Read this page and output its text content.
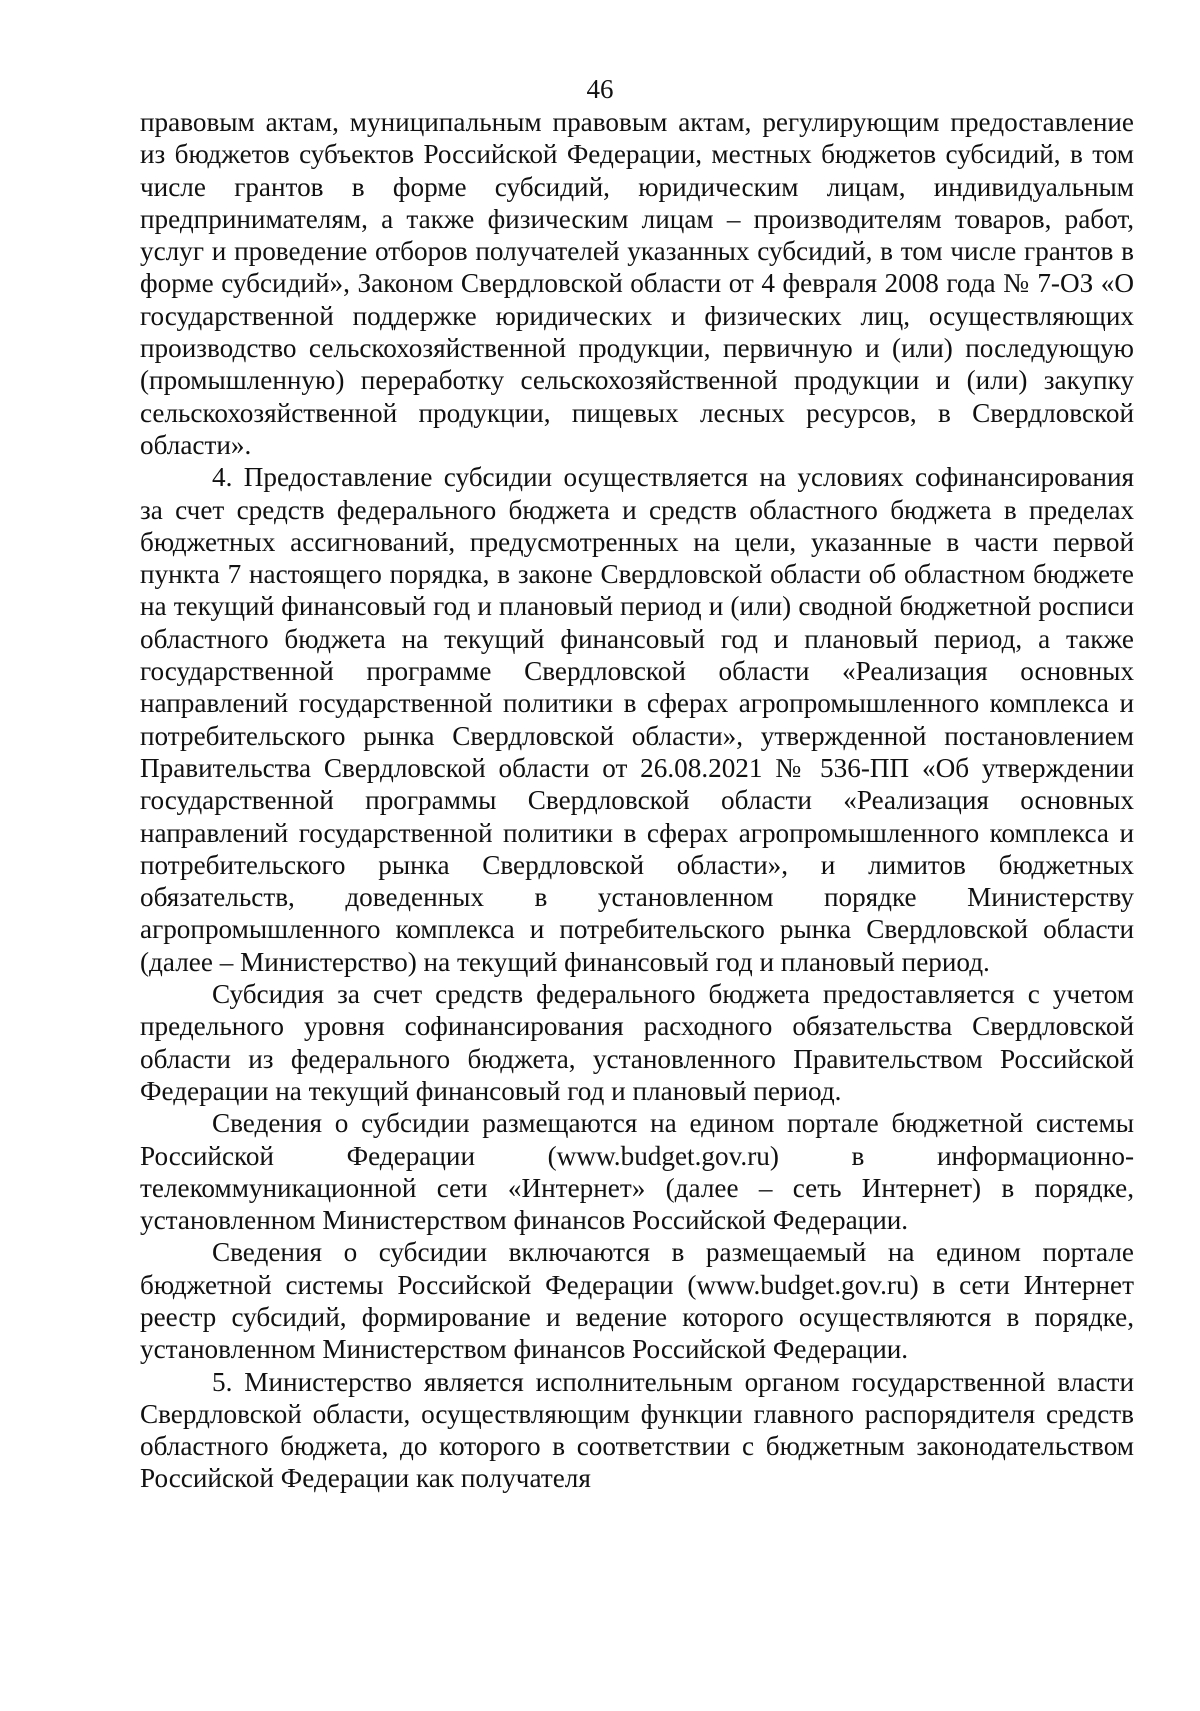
46

правовым актам, муниципальным правовым актам, регулирующим предоставление из бюджетов субъектов Российской Федерации, местных бюджетов субсидий, в том числе грантов в форме субсидий, юридическим лицам, индивидуальным предпринимателям, а также физическим лицам – производителям товаров, работ, услуг и проведение отборов получателей указанных субсидий, в том числе грантов в форме субсидий», Законом Свердловской области от 4 февраля 2008 года № 7-ОЗ «О государственной поддержке юридических и физических лиц, осуществляющих производство сельскохозяйственной продукции, первичную и (или) последующую (промышленную) переработку сельскохозяйственной продукции и (или) закупку сельскохозяйственной продукции, пищевых лесных ресурсов, в Свердловской области».

4. Предоставление субсидии осуществляется на условиях софинансирования за счет средств федерального бюджета и средств областного бюджета в пределах бюджетных ассигнований, предусмотренных на цели, указанные в части первой пункта 7 настоящего порядка, в законе Свердловской области об областном бюджете на текущий финансовый год и плановый период и (или) сводной бюджетной росписи областного бюджета на текущий финансовый год и плановый период, а также государственной программе Свердловской области «Реализация основных направлений государственной политики в сферах агропромышленного комплекса и потребительского рынка Свердловской области», утвержденной постановлением Правительства Свердловской области от 26.08.2021 № 536-ПП «Об утверждении государственной программы Свердловской области «Реализация основных направлений государственной политики в сферах агропромышленного комплекса и потребительского рынка Свердловской области», и лимитов бюджетных обязательств, доведенных в установленном порядке Министерству агропромышленного комплекса и потребительского рынка Свердловской области (далее – Министерство) на текущий финансовый год и плановый период.

Субсидия за счет средств федерального бюджета предоставляется с учетом предельного уровня софинансирования расходного обязательства Свердловской области из федерального бюджета, установленного Правительством Российской Федерации на текущий финансовый год и плановый период.

Сведения о субсидии размещаются на едином портале бюджетной системы Российской Федерации (www.budget.gov.ru) в информационно-телекоммуникационной сети «Интернет» (далее – сеть Интернет) в порядке, установленном Министерством финансов Российской Федерации.

Сведения о субсидии включаются в размещаемый на едином портале бюджетной системы Российской Федерации (www.budget.gov.ru) в сети Интернет реестр субсидий, формирование и ведение которого осуществляются в порядке, установленном Министерством финансов Российской Федерации.

5. Министерство является исполнительным органом государственной власти Свердловской области, осуществляющим функции главного распорядителя средств областного бюджета, до которого в соответствии с бюджетным законодательством Российской Федерации как получателя
